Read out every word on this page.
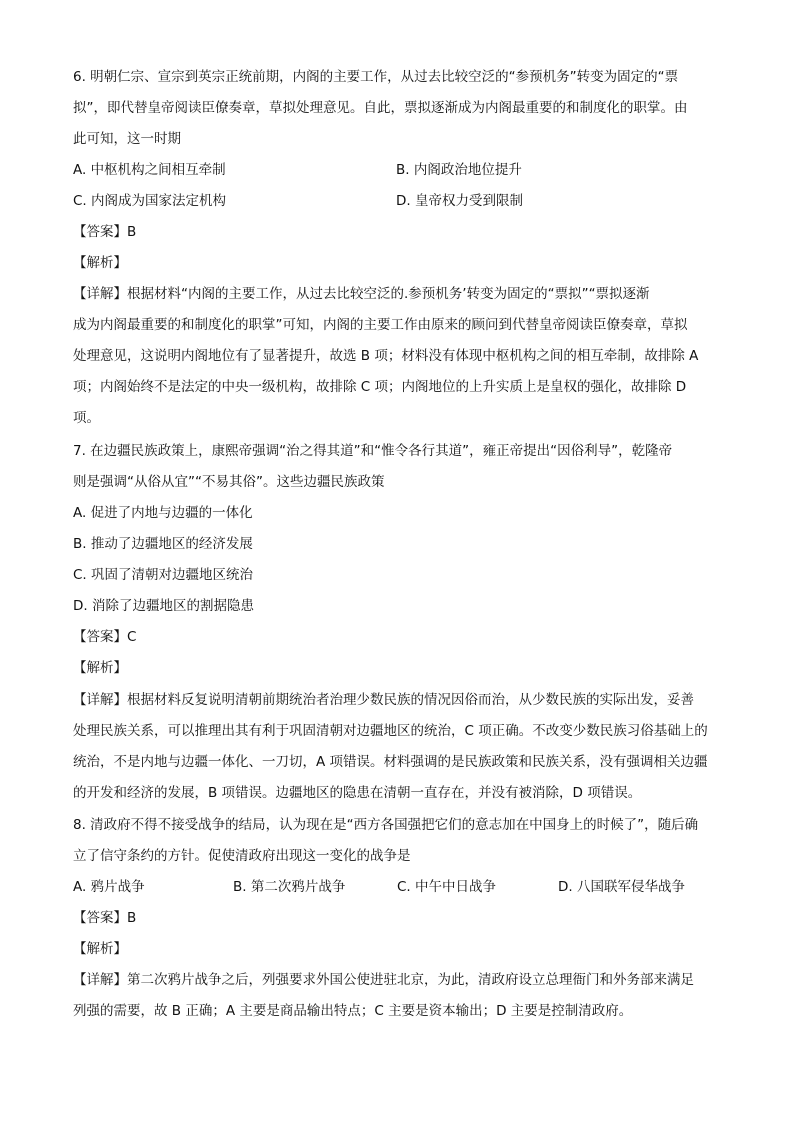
6. 明朝仁宗、宣宗到英宗正统前期，内阁的主要工作，从过去比较空泛的“参预机务”转变为固定的“票
拟”，即代替皇帝阅读臣僚奏章，草拟处理意见。自此，票拟逐渐成为内阁最重要的和制度化的职掌。由
此可知，这一时期
A. 中枢机构之间相互牵制	B. 内阁政治地位提升
C. 内阁成为国家法定机构	D. 皇帝权力受到限制
【答案】B
【解析】
【详解】根据材料“内阁的主要工作，从过去比较空泛的.参预机务’转变为固定的“票拟”“票拟逐渐
成为内阁最重要的和制度化的职掌”可知，内阁的主要工作由原来的顾问到代替皇帝阅读臣僚奏章，草拟
处理意见，这说明内阁地位有了显著提升，故选 B 项；材料没有体现中枢机构之间的相互牵制，故排除 A
项；内阁始终不是法定的中央一级机构，故排除 C 项；内阁地位的上升实质上是皇权的强化，故排除 D
项。
7. 在边疆民族政策上，康熙帝强调“治之得其道”和“惟令各行其道”，雍正帝提出“因俗利导”，乾隆帝
则是强调“从俗从宜”“不易其俗”。这些边疆民族政策
A. 促进了内地与边疆的一体化
B. 推动了边疆地区的经济发展
C. 巩固了清朝对边疆地区统治
D. 消除了边疆地区的割据隐患
【答案】C
【解析】
【详解】根据材料反复说明清朝前期统治者治理少数民族的情况因俗而治，从少数民族的实际出发，妥善
处理民族关系，可以推理出其有利于巩固清朝对边疆地区的统治，C 项正确。不改变少数民族习俗基础上的
统治，不是内地与边疆一体化、一刀切，A 项错误。材料强调的是民族政策和民族关系，没有强调相关边疆
的开发和经济的发展，B 项错误。边疆地区的隐患在清朝一直存在，并没有被消除，D 项错误。
8. 清政府不得不接受战争的结局，认为现在是“西方各国强把它们的意志加在中国身上的时候了”，随后确
立了信守条约的方针。促使清政府出现这一变化的战争是
A. 鸦片战争	B. 第二次鸦片战争	C. 中午中日战争	D. 八国联军侵华战争
【答案】B
【解析】
【详解】第二次鸦片战争之后，列强要求外国公使进驻北京，为此，清政府设立总理衙门和外务部来满足
列强的需要，故 B 正确；A 主要是商品输出特点；C 主要是资本输出；D 主要是控制清政府。
